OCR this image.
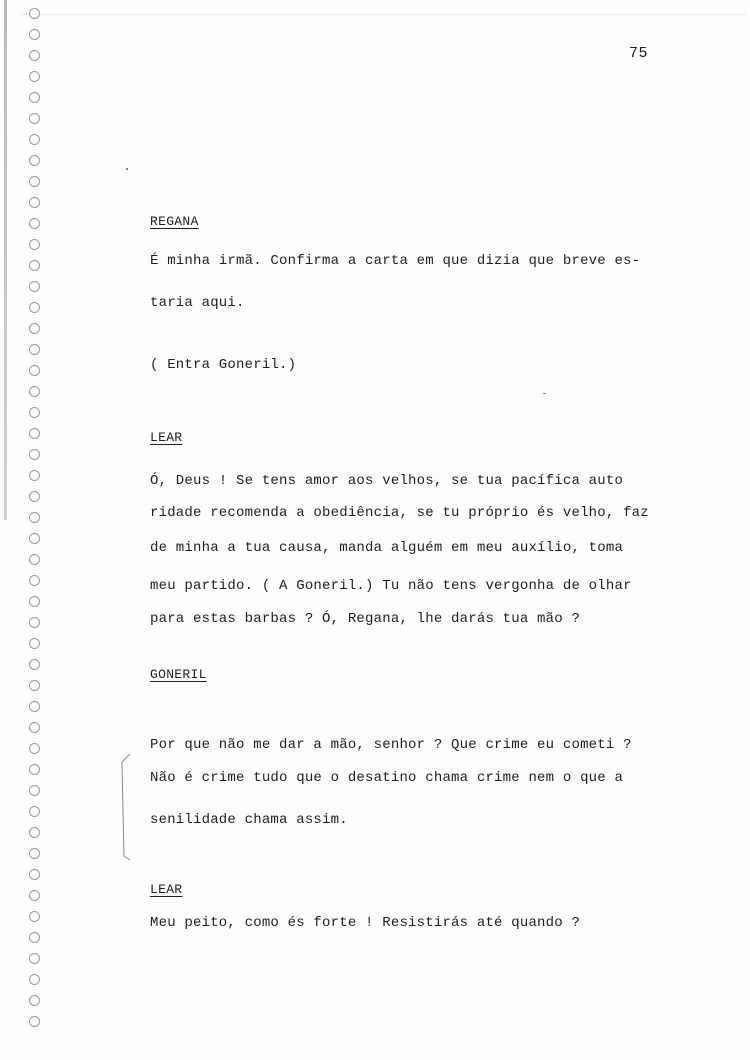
75
REGANA
É minha irmã. Confirma a carta em que dizia que breve es-
taria aqui.
( Entra Goneril.)
LEAR
Ó, Deus ! Se tens amor aos velhos, se tua pacífica auto
ridade recomenda a obediência, se tu próprio és velho, faz
de minha a tua causa, manda alguém em meu auxílio, toma
meu partido. ( A Goneril.) Tu não tens vergonha de olhar
para estas barbas ? Ó, Regana, lhe darás tua mão ?
GONERIL
Por que não me dar a mão, senhor ? Que crime eu cometi ?
Não é crime tudo que o desatino chama crime nem o que a
senilidade chama assim.
LEAR
Meu peito, como és forte ! Resistirás até quando ?
